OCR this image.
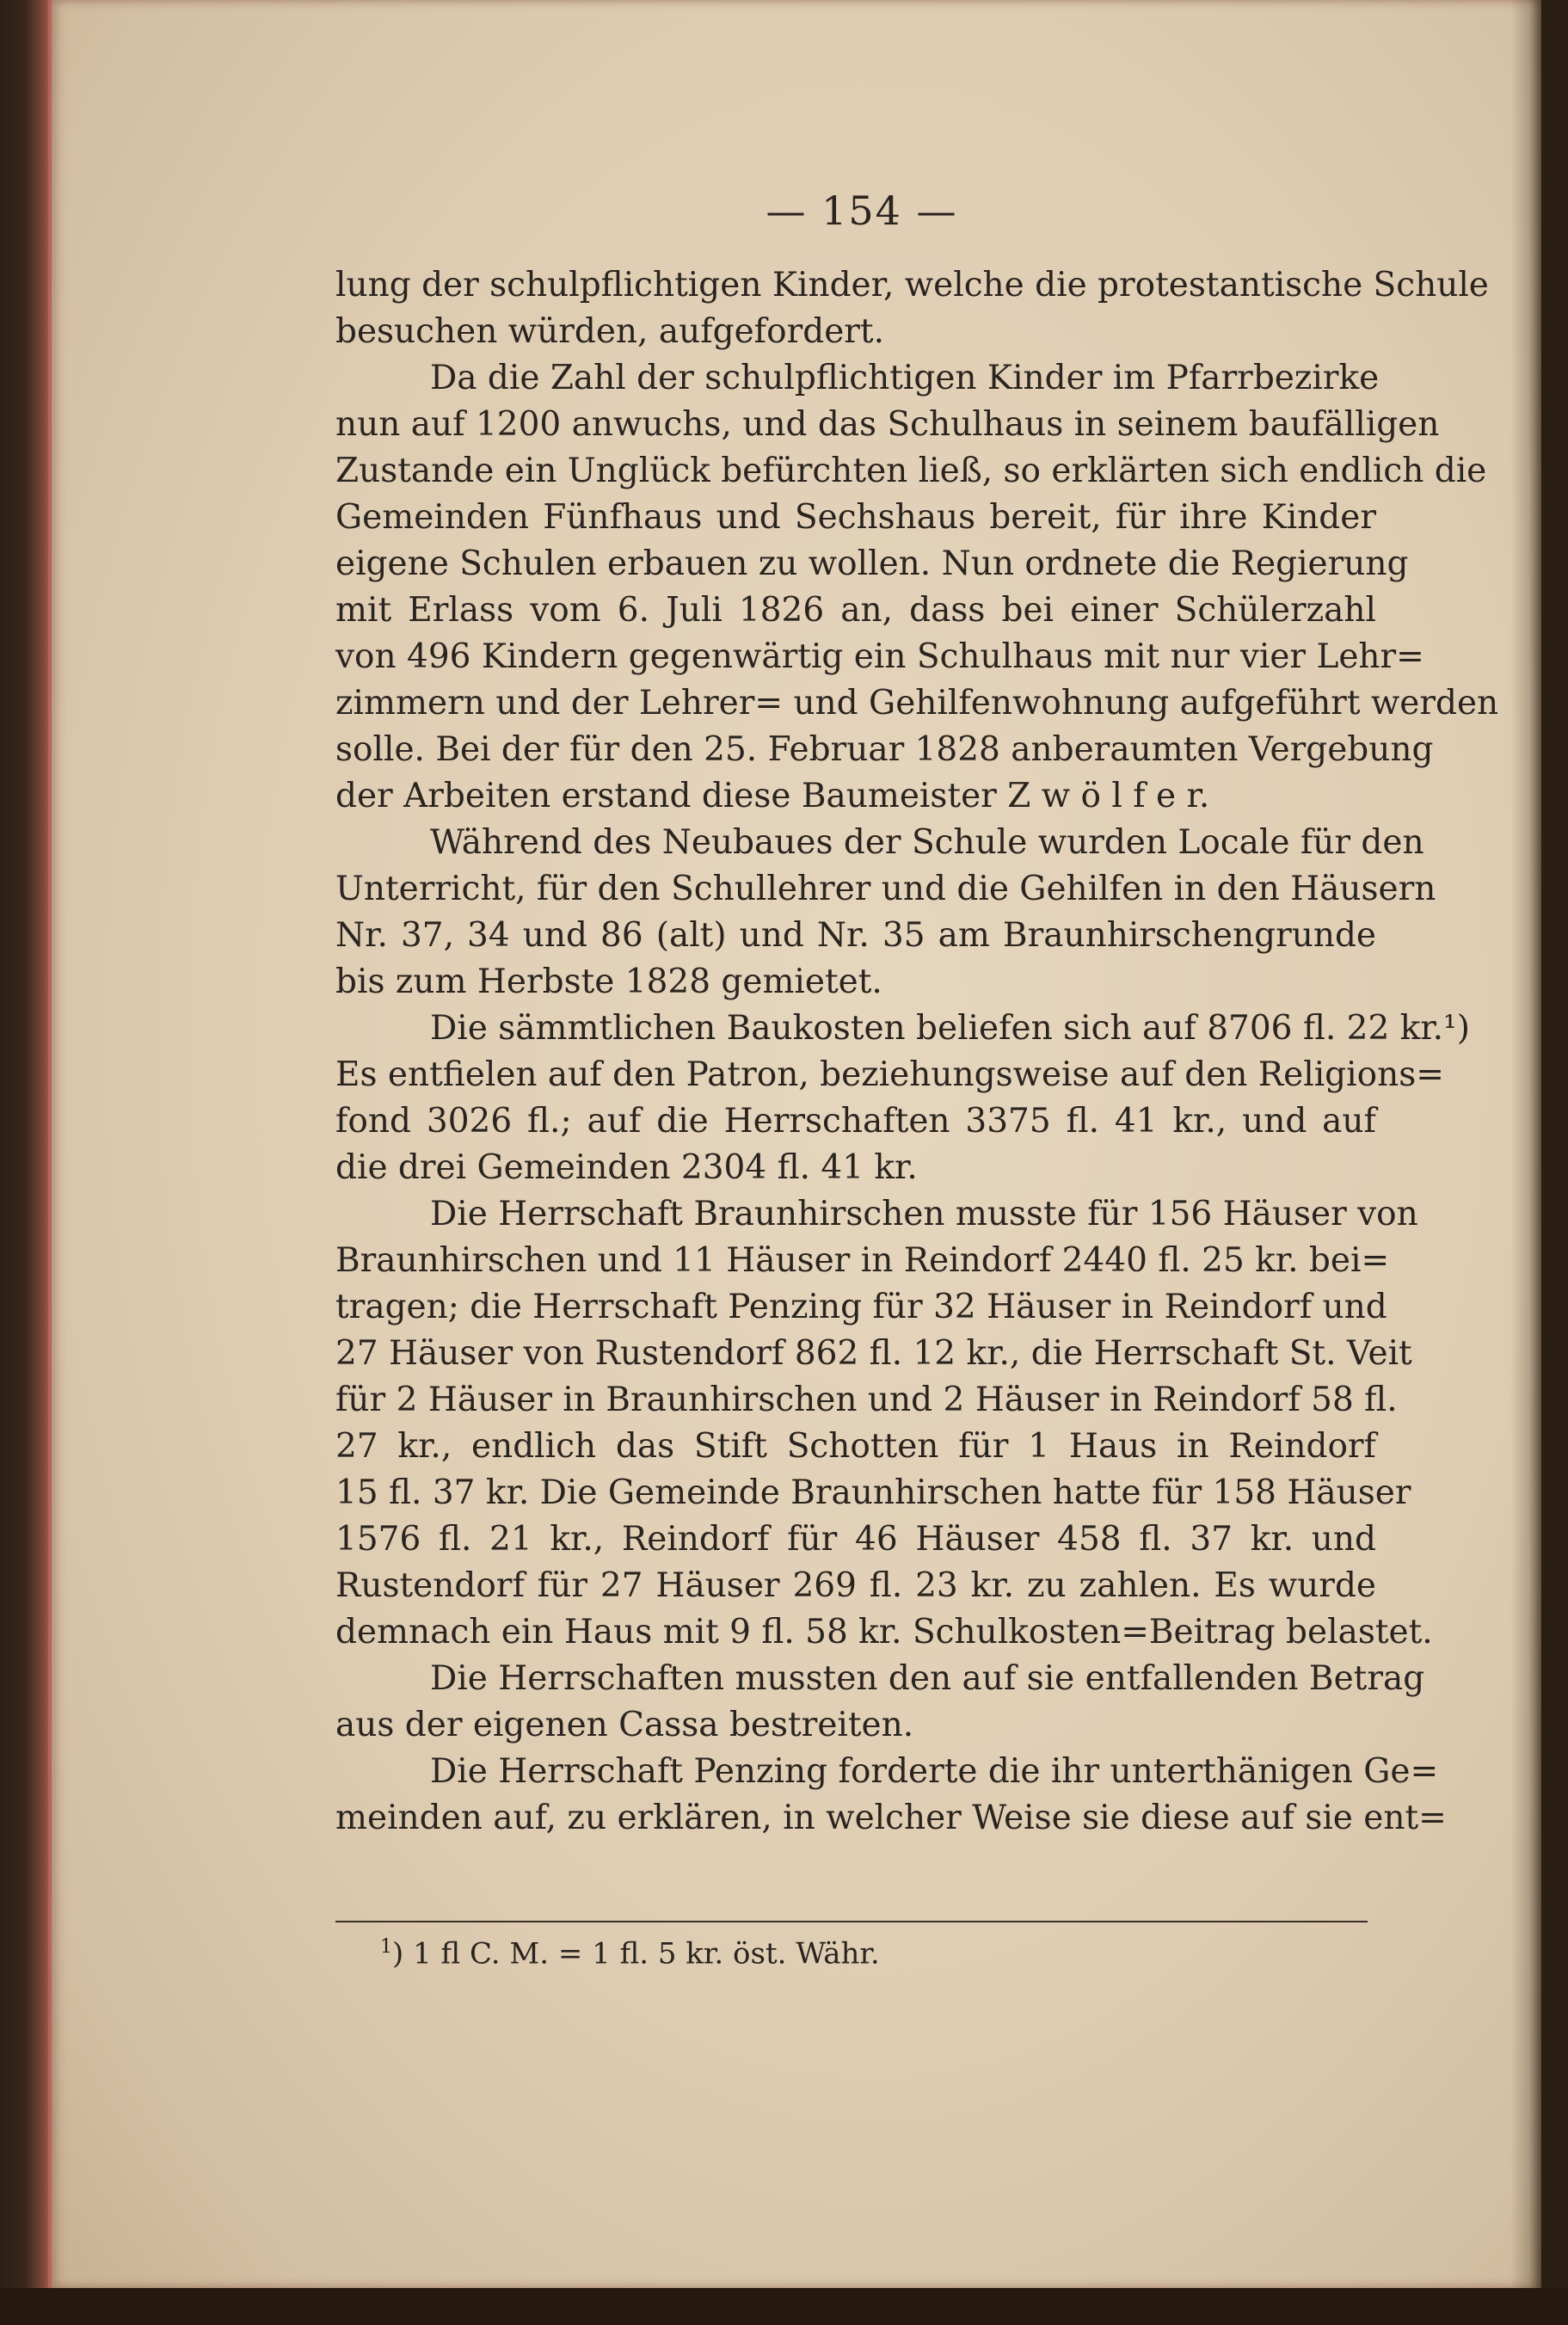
— 154 —
lung der schulpflichtigen Kinder, welche die protestantische Schule
besuchen würden, aufgefordert.
Da die Zahl der schulpflichtigen Kinder im Pfarrbezirke
nun auf 1200 anwuchs, und das Schulhaus in seinem baufälligen
Zustande ein Unglück befürchten ließ, so erklärten sich endlich die
Gemeinden Fünfhaus und Sechshaus bereit, für ihre Kinder
eigene Schulen erbauen zu wollen. Nun ordnete die Regierung
mit Erlass vom 6. Juli 1826 an, dass bei einer Schülerzahl
von 496 Kindern gegenwärtig ein Schulhaus mit nur vier Lehr=
zimmern und der Lehrer= und Gehilfenwohnung aufgeführt werden
solle. Bei der für den 25. Februar 1828 anberaumten Vergebung
der Arbeiten erstand diese Baumeister Z w ö l f e r.
Während des Neubaues der Schule wurden Locale für den
Unterricht, für den Schullehrer und die Gehilfen in den Häusern
Nr. 37, 34 und 86 (alt) und Nr. 35 am Braunhirschengrunde
bis zum Herbste 1828 gemietet.
Die sämmtlichen Baukosten beliefen sich auf 8706 fl. 22 kr.¹)
Es entfielen auf den Patron, beziehungsweise auf den Religions=
fond 3026 fl.; auf die Herrschaften 3375 fl. 41 kr., und auf
die drei Gemeinden 2304 fl. 41 kr.
Die Herrschaft Braunhirschen musste für 156 Häuser von
Braunhirschen und 11 Häuser in Reindorf 2440 fl. 25 kr. bei=
tragen; die Herrschaft Penzing für 32 Häuser in Reindorf und
27 Häuser von Rustendorf 862 fl. 12 kr., die Herrschaft St. Veit
für 2 Häuser in Braunhirschen und 2 Häuser in Reindorf 58 fl.
27 kr., endlich das Stift Schotten für 1 Haus in Reindorf
15 fl. 37 kr. Die Gemeinde Braunhirschen hatte für 158 Häuser
1576 fl. 21 kr., Reindorf für 46 Häuser 458 fl. 37 kr. und
Rustendorf für 27 Häuser 269 fl. 23 kr. zu zahlen. Es wurde
demnach ein Haus mit 9 fl. 58 kr. Schulkosten=Beitrag belastet.
Die Herrschaften mussten den auf sie entfallenden Betrag
aus der eigenen Cassa bestreiten.
Die Herrschaft Penzing forderte die ihr unterthänigen Ge=
meinden auf, zu erklären, in welcher Weise sie diese auf sie ent=
$^1$) 1 fl C. M. = 1 fl. 5 kr. öst. Währ.
